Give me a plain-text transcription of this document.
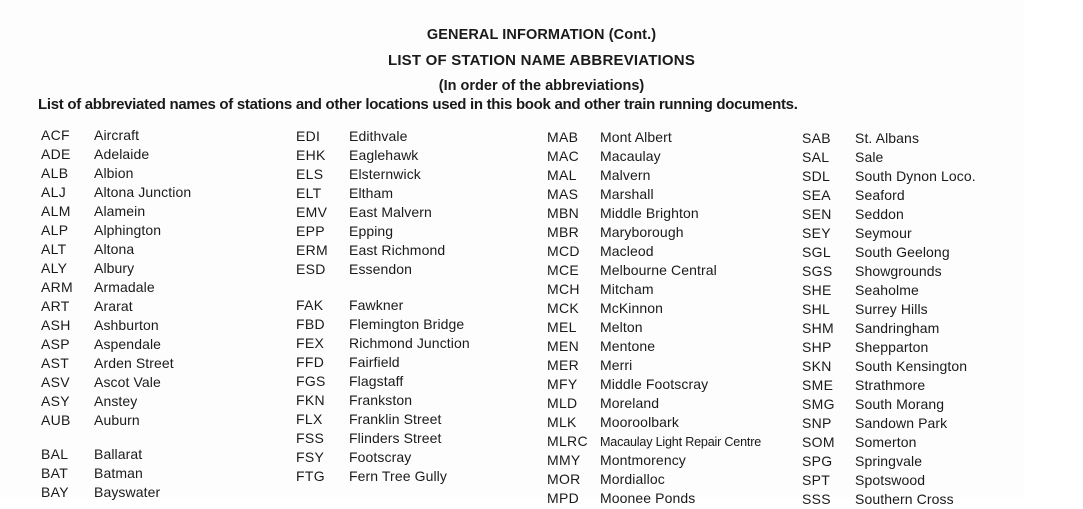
GENERAL INFORMATION (Cont.)
LIST OF STATION NAME ABBREVIATIONS
(In order of the abbreviations)
List of abbreviated names of stations and other locations used in this book and other train running documents.
ACF Aircraft
ADE Adelaide
ALB Albion
ALJ Altona Junction
ALM Alamein
ALP Alphington
ALT Altona
ALY Albury
ARM Armadale
ART Ararat
ASH Ashburton
ASP Aspendale
AST Arden Street
ASV Ascot Vale
ASY Anstey
AUB Auburn
BAL Ballarat
BAT Batman
BAY Bayswater
EDI Edithvale
EHK Eaglehawk
ELS Elsternwick
ELT Eltham
EMV East Malvern
EPP Epping
ERM East Richmond
ESD Essendon
FAK Fawkner
FBD Flemington Bridge
FEX Richmond Junction
FFD Fairfield
FGS Flagstaff
FKN Frankston
FLX Franklin Street
FSS Flinders Street
FSY Footscray
FTG Fern Tree Gully
MAB Mont Albert
MAC Macaulay
MAL Malvern
MAS Marshall
MBN Middle Brighton
MBR Maryborough
MCD Macleod
MCE Melbourne Central
MCH Mitcham
MCK McKinnon
MEL Melton
MEN Mentone
MER Merri
MFY Middle Footscray
MLD Moreland
MLK Mooroolbark
MLRC Macaulay Light Repair Centre
MMY Montmorency
MOR Mordialloc
MPD Moonee Ponds
SAB St. Albans
SAL Sale
SDL South Dynon Loco.
SEA Seaford
SEN Seddon
SEY Seymour
SGL South Geelong
SGS Showgrounds
SHE Seaholme
SHL Surrey Hills
SHM Sandringham
SHP Shepparton
SKN South Kensington
SME Strathmore
SMG South Morang
SNP Sandown Park
SOM Somerton
SPG Springvale
SPT Spotswood
SSS Southern Cross
